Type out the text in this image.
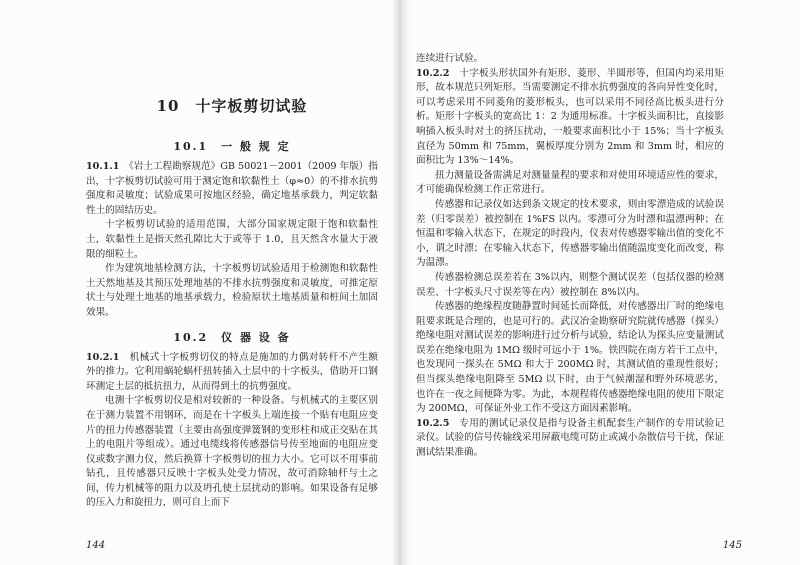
10　十字板剪切试验
10.1　一 般 规 定

10.1.1　 《岩土工程勘察规范》GB 50021－2001（2009 年版）指出，十字板剪切试验可用于测定饱和软黏性土（φ≈0）的不排水抗剪强度和灵敏度；试验成果可按地区经验，确定地基承载力，判定软黏性土的固结历史。

十字板剪切试验的适用范围，大部分国家规定限于饱和软黏性土，软黏性土是指天然孔隙比大于或等于 1.0，且天然含水量大于液限的细粒土。

作为建筑地基检测方法，十字板剪切试验适用于检测饱和软黏性土天然地基及其预压处理地基的不排水抗剪强度和灵敏度，可推定原状土与处理土地基的地基承载力，检验原状土地基质量和桩间土加固效果。

10.2　仪 器 设 备

10.2.1　 机械式十字板剪切仪的特点是施加的力偶对转杆不产生额外的推力。它利用蜗轮蜗杆扭转插入土层中的十字板头，借助开口钢环测定土层的抵抗扭力，从而得到土的抗剪强度。

电测十字板剪切仪是相对较新的一种设备。与机械式的主要区别在于测力装置不用钢环，而是在十字板头上端连接一个贴有电阻应变片的扭力传感器装置（主要由高强度弹簧钢的变形柱和成正交贴在其上的电阻片等组成）。通过电缆线将传感器信号传至地面的电阻应变仪或数字测力仪，然后换算十字板剪切的扭力大小。它可以不用事前钻孔，且传感器只反映十字板头处受力情况，故可消除轴杆与土之间，传力机械等的阻力以及坍孔使土层扰动的影响。如果设备有足够的压入力和旋扭力，则可自上而下

144

连续进行试验。

10.2.2　 十字板头形状国外有矩形、菱形、半圆形等，但国内均采用矩形，故本规范只列矩形。当需要测定不排水抗剪强度的各向异性变化时，可以考虑采用不同菱角的菱形板头，也可以采用不同径高比板头进行分析。矩形十字板头的宽高比 1：2 为通用标准。十字板头面积比，直接影响插入板头时对土的挤压扰动，一般要求面积比小于 15%；当十字板头直径为 50mm 和 75mm，翼板厚度分别为 2mm 和 3mm 时，相应的面积比为 13%～14%。

扭力测量设备需满足对测量量程的要求和对使用环境适应性的要求，才可能确保检测工作正常进行。

传感器和记录仪如达到条文规定的技术要求，则由零漂造成的试验误差（归零误差）被控制在 1%FS 以内。零漂可分为时漂和温漂两种；在恒温和零输入状态下，在规定的时段内，仪表对传感器零输出值的变化不小，谓之时漂；在零输入状态下，传感器零输出值随温度变化而改变，称为温漂。

传感器检测总误差若在 3%以内，则整个测试误差（包括仪器的检测误差、十字板头尺寸误差等在内）被控制在 8%以内。

传感器的绝缘程度随静置时间延长而降低，对传感器出厂时的绝缘电阻要求既是合理的，也是可行的。武汉冶金勘察研究院就传感器（探头）绝缘电阻对测试误差的影响进行过分析与试验，结论认为探头应变量测试误差在绝缘电阻为 1MΩ 级时可远小于 1%。铁四院在南方若干工点中，也发现同一探头在 5MΩ 和大于 200MΩ 时，其测试值的重现性很好；但当探头绝缘电阻降至 5MΩ 以下时，由于气候潮湿和野外环境恶劣，也许在一夜之间便降为零。为此，本规程将传感器绝缘电阻的使用下限定为 200MΩ，可保证外业工作不受这方面因素影响。

10.2.5　 专用的测试记录仪是指与设备主机配套生产制作的专用试验记录仪。试验的信号传输线采用屏蔽电缆可防止或减小杂散信号干扰，保证测试结果准确。

145
